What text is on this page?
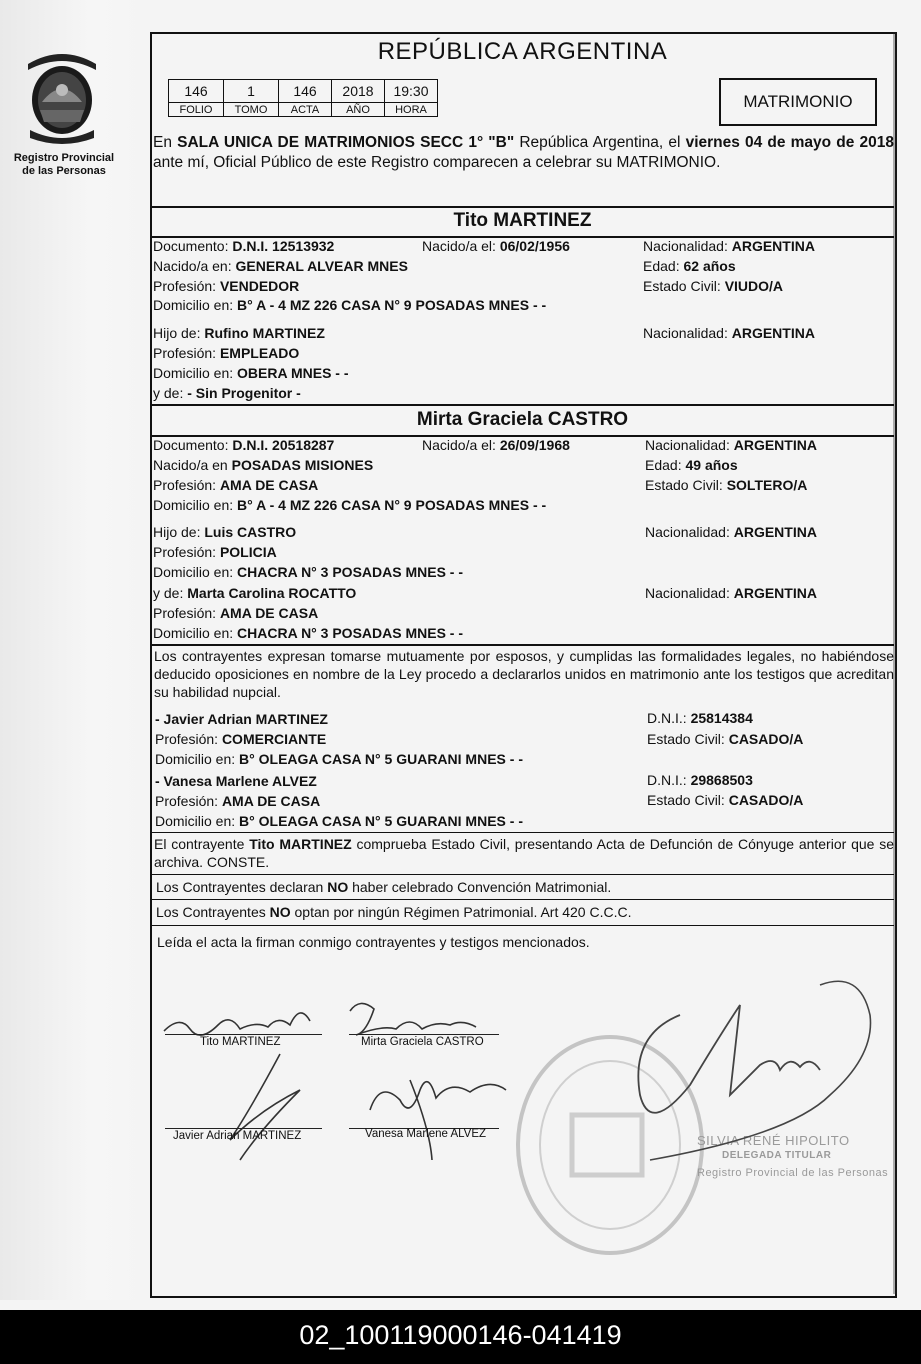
Registro Provincial
de las Personas
REPÚBLICA ARGENTINA
146	1	146	2018	19:30
FOLIO	TOMO	ACTA	AÑO	HORA	MATRIMONIO
En SALA UNICA DE MATRIMONIOS SECC 1° "B" República Argentina, el viernes 04 de mayo de 2018 ante mí, Oficial Público de este Registro comparecen a celebrar su MATRIMONIO.
Tito MARTINEZ
Documento: D.N.I. 12513932	Nacido/a el: 06/02/1956	Nacionalidad: ARGENTINA
Nacido/a en: GENERAL ALVEAR MNES	Edad: 62 años
Profesión: VENDEDOR	Estado Civil: VIUDO/A
Domicilio en: B° A - 4 MZ 226 CASA N° 9 POSADAS MNES - -
Hijo de: Rufino MARTINEZ	Nacionalidad: ARGENTINA
Profesión: EMPLEADO
Domicilio en: OBERA MNES - -
y de: - Sin Progenitor -
Mirta Graciela CASTRO
Documento: D.N.I. 20518287	Nacido/a el: 26/09/1968	Nacionalidad: ARGENTINA
Nacido/a en POSADAS MISIONES	Edad: 49 años
Profesión: AMA DE CASA	Estado Civil: SOLTERO/A
Domicilio en: B° A - 4 MZ 226 CASA N° 9 POSADAS MNES - -
Hijo de: Luis CASTRO	Nacionalidad: ARGENTINA
Profesión: POLICIA
Domicilio en: CHACRA N° 3 POSADAS MNES - -
y de: Marta Carolina ROCATTO	Nacionalidad: ARGENTINA
Profesión: AMA DE CASA
Domicilio en: CHACRA N° 3 POSADAS MNES - -
Los contrayentes expresan tomarse mutuamente por esposos, y cumplidas las formalidades legales, no habiéndose deducido oposiciones en nombre de la Ley procedo a declararlos unidos en matrimonio ante los testigos que acreditan su habilidad nupcial.
- Javier Adrian MARTINEZ	D.N.I.: 25814384
Profesión: COMERCIANTE	Estado Civil: CASADO/A
Domicilio en: B° OLEAGA CASA N° 5 GUARANI MNES - -
- Vanesa Marlene ALVEZ	D.N.I.: 29868503
Profesión: AMA DE CASA	Estado Civil: CASADO/A
Domicilio en: B° OLEAGA CASA N° 5 GUARANI MNES - -
El contrayente Tito MARTINEZ comprueba Estado Civil, presentando Acta de Defunción de Cónyuge anterior que se archiva. CONSTE.
Los Contrayentes declaran NO haber celebrado Convención Matrimonial.
Los Contrayentes NO optan por ningún Régimen Patrimonial. Art 420 C.C.C.
Leída el acta la firman conmigo contrayentes y testigos mencionados.
SILVIA RENÉ HIPOLITO
DELEGADA TITULAR
Registro Provincial de las Personas
Tito MARTINEZ	Mirta Graciela CASTRO
Javier Adrian MARTINEZ	Vanesa Marlene ALVEZ
02_100119000146-041419
